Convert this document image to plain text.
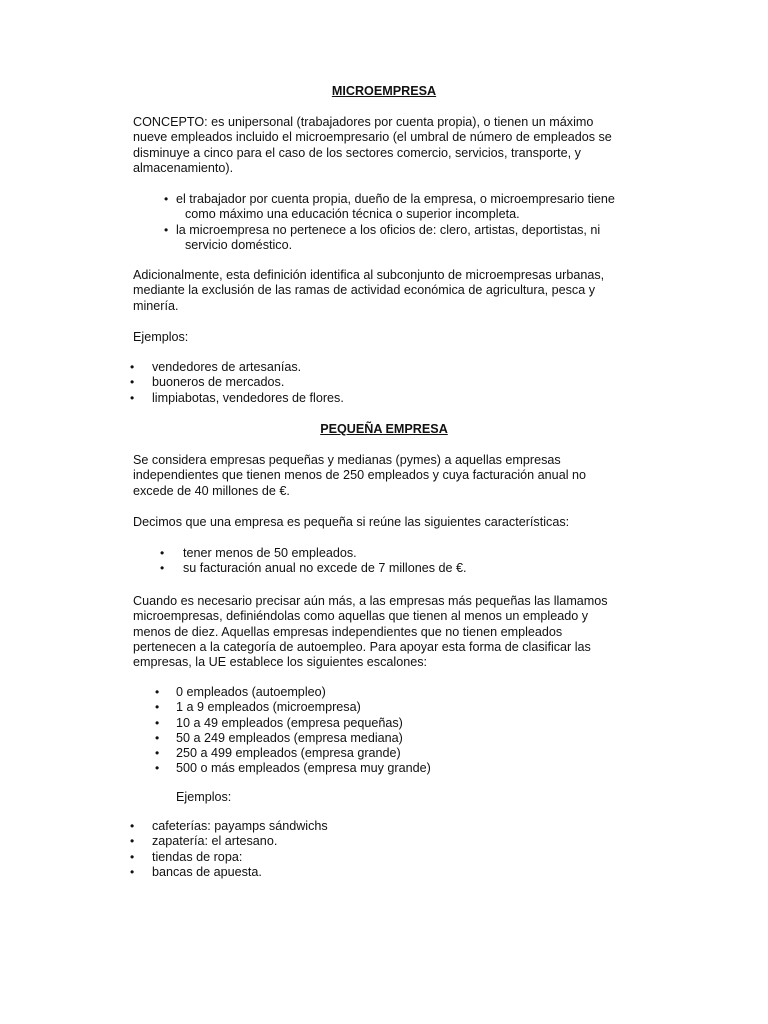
MICROEMPRESA
CONCEPTO: es unipersonal (trabajadores por cuenta propia), o tienen un máximo
nueve empleados incluido el microempresario (el umbral de número de empleados se
disminuye a cinco para el caso de los sectores comercio, servicios, transporte, y
almacenamiento).
• el trabajador por cuenta propia, dueño de la empresa, o microempresario tiene
como máximo una educación técnica o superior incompleta.
• la microempresa no pertenece a los oficios de: clero, artistas, deportistas, ni
servicio doméstico.
Adicionalmente, esta definición identifica al subconjunto de microempresas urbanas,
mediante la exclusión de las ramas de actividad económica de agricultura, pesca y
minería.
Ejemplos:
• vendedores de artesanías.
• buoneros de mercados.
• limpiabotas, vendedores de flores.
PEQUEÑA EMPRESA
Se considera empresas pequeñas y medianas (pymes) a aquellas empresas
independientes que tienen menos de 250 empleados y cuya facturación anual no
excede de 40 millones de €.
Decimos que una empresa es pequeña si reúne las siguientes características:
• tener menos de 50 empleados.
• su facturación anual no excede de 7 millones de €.
Cuando es necesario precisar aún más, a las empresas más pequeñas las llamamos
microempresas, definiéndolas como aquellas que tienen al menos un empleado y
menos de diez. Aquellas empresas independientes que no tienen empleados
pertenecen a la categoría de autoempleo. Para apoyar esta forma de clasificar las
empresas, la UE establece los siguientes escalones:
• 0 empleados (autoempleo)
• 1 a 9 empleados (microempresa)
• 10 a 49 empleados (empresa pequeñas)
• 50 a 249 empleados (empresa mediana)
• 250 a 499 empleados (empresa grande)
• 500 o más empleados (empresa muy grande)
Ejemplos:
• cafeterías: payamps sándwichs
• zapatería: el artesano.
• tiendas de ropa:
• bancas de apuesta.
